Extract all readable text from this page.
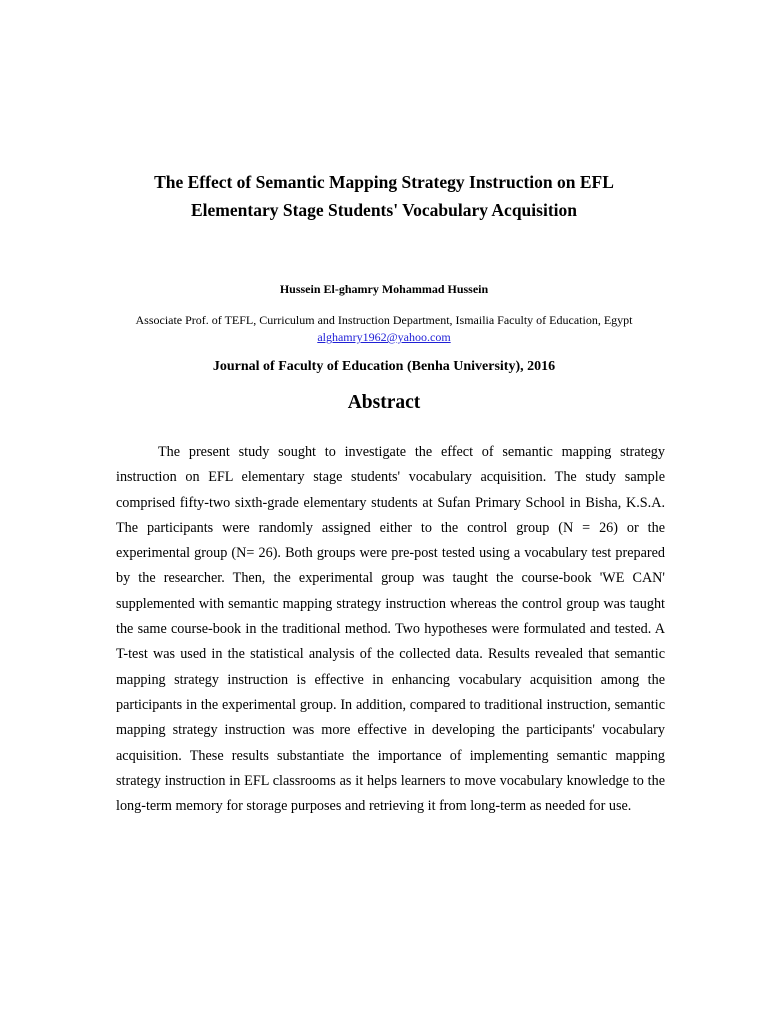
The Effect of Semantic Mapping Strategy Instruction on EFL
Elementary Stage Students' Vocabulary Acquisition
Hussein El-ghamry Mohammad Hussein
Associate Prof. of TEFL, Curriculum and Instruction Department, Ismailia Faculty of Education, Egypt
alghamry1962@yahoo.com
Journal of Faculty of Education (Benha University), 2016
Abstract

The present study sought to investigate the effect of semantic mapping strategy instruction on EFL elementary stage students' vocabulary acquisition. The study sample comprised fifty-two sixth-grade elementary students at Sufan Primary School in Bisha, K.S.A. The participants were randomly assigned either to the control group (N = 26) or the experimental group (N= 26). Both groups were pre-post tested using a vocabulary test prepared by the researcher. Then, the experimental group was taught the course-book 'WE CAN' supplemented with semantic mapping strategy instruction whereas the control group was taught the same course-book in the traditional method. Two hypotheses were formulated and tested. A T-test was used in the statistical analysis of the collected data. Results revealed that semantic mapping strategy instruction is effective in enhancing vocabulary acquisition among the participants in the experimental group. In addition, compared to traditional instruction, semantic mapping strategy instruction was more effective in developing the participants' vocabulary acquisition. These results substantiate the importance of implementing semantic mapping strategy instruction in EFL classrooms as it helps learners to move vocabulary knowledge to the long-term memory for storage purposes and retrieving it from long-term as needed for use.
